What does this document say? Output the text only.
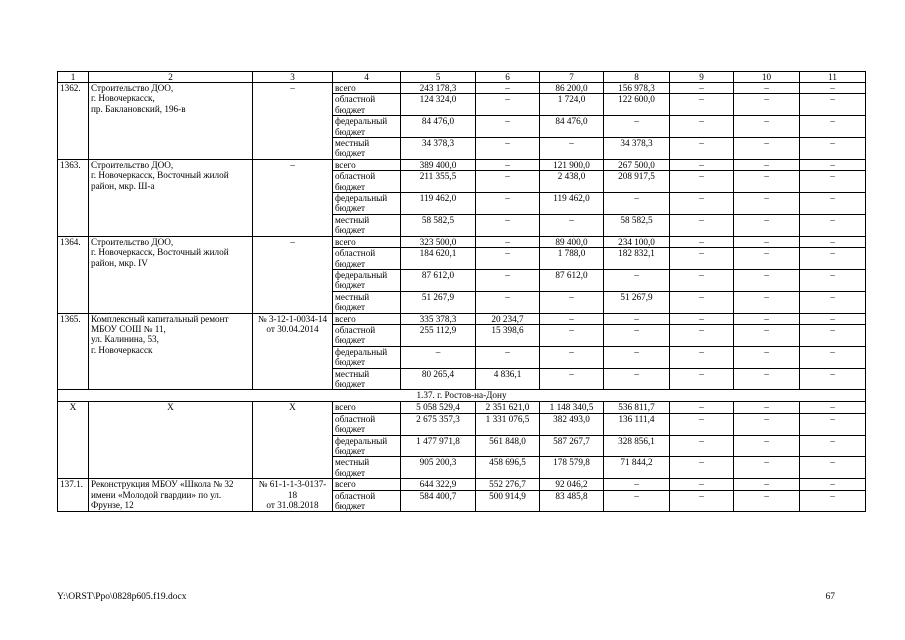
1	2	3	4	5	6	7	8	9	10	11
1362.	Строительство ДОО,
г. Новочеркасск,
пр. Баклановский, 196-в	–	всего	243 178,3	–	86 200,0	156 978,3	–	–	–
			областной бюджет	124 324,0	–	1 724,0	122 600,0	–	–	–
			федеральный бюджет	84 476,0	–	84 476,0	–	–	–	–
			местный бюджет	34 378,3	–	–	34 378,3	–	–	–
1363.	Строительство ДОО,
г. Новочеркасск, Восточный жилой район, мкр. Ш-а	–	всего	389 400,0	–	121 900,0	267 500,0	–	–	–
			областной бюджет	211 355,5	–	2 438,0	208 917,5	–	–	–
			федеральный бюджет	119 462,0	–	119 462,0	–	–	–	–
			местный бюджет	58 582,5	–	–	58 582,5	–	–	–
1364.	Строительство ДОО,
г. Новочеркасск, Восточный жилой район, мкр. IV	–	всего	323 500,0	–	89 400,0	234 100,0	–	–	–
			областной бюджет	184 620,1	–	1 788,0	182 832,1	–	–	–
			федеральный бюджет	87 612,0	–	87 612,0	–	–	–	–
			местный бюджет	51 267,9	–	–	51 267,9	–	–	–
1365.	Комплексный капитальный ремонт МБОУ СОШ № 11,
ул. Калинина, 53,
г. Новочеркасск	№ 3-12-1-0034-14
от 30.04.2014	всего	335 378,3	20 234,7	–	–	–	–	–
			областной бюджет	255 112,9	15 398,6	–	–	–	–	–
			федеральный бюджет	–	–	–	–	–	–	–
			местный бюджет	80 265,4	4 836,1	–	–	–	–	–
1.37. г. Ростов-на-Дону										
Х	Х	Х	всего	5 058 529,4	2 351 621,0	1 148 340,5	536 811,7	–	–	–
			областной бюджет	2 675 357,3	1 331 076,5	382 493,0	136 111,4	–	–	–
			федеральный бюджет	1 477 971,8	561 848,0	587 267,7	328 856,1	–	–	–
			местный бюджет	905 200,3	458 696,5	178 579,8	71 844,2	–	–	–
137.1.	Реконструкция МБОУ «Школа № 32 имени «Молодой гвардии» по ул. Фрунзе, 12	№ 61-1-1-3-0137-18
от 31.08.2018	всего	644 322,9	552 276,7	92 046,2	–	–	–	–
			областной бюджет	584 400,7	500 914,9	83 485,8	–	–	–	–
Y:\ORST\Ppo\0828p605.f19.docx	67
